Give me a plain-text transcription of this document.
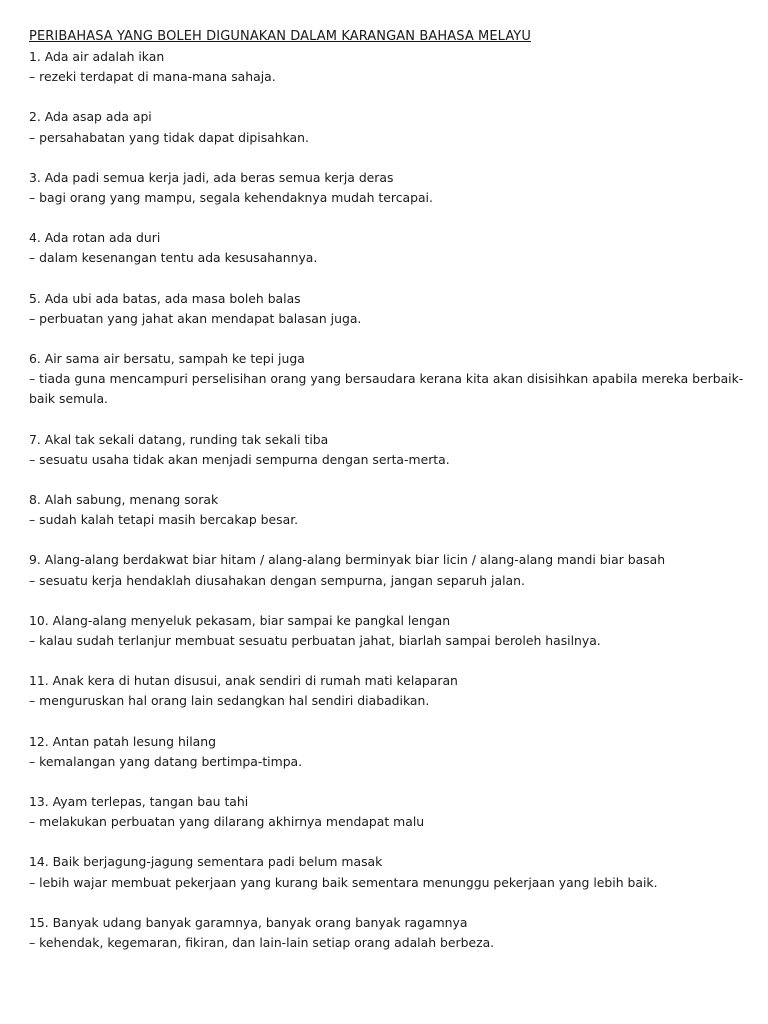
PERIBAHASA YANG BOLEH DIGUNAKAN DALAM KARANGAN BAHASA MELAYU
1. Ada air adalah ikan
– rezeki terdapat di mana-mana sahaja.
2. Ada asap ada api
– persahabatan yang tidak dapat dipisahkan.
3. Ada padi semua kerja jadi, ada beras semua kerja deras
– bagi orang yang mampu, segala kehendaknya mudah tercapai.
4. Ada rotan ada duri
– dalam kesenangan tentu ada kesusahannya.
5. Ada ubi ada batas, ada masa boleh balas
– perbuatan yang jahat akan mendapat balasan juga.
6. Air sama air bersatu, sampah ke tepi juga
– tiada guna mencampuri perselisihan orang yang bersaudara kerana kita akan disisihkan apabila mereka berbaik-baik semula.
7. Akal tak sekali datang, runding tak sekali tiba
– sesuatu usaha tidak akan menjadi sempurna dengan serta-merta.
8. Alah sabung, menang sorak
– sudah kalah tetapi masih bercakap besar.
9. Alang-alang berdakwat biar hitam / alang-alang berminyak biar licin / alang-alang mandi biar basah
– sesuatu kerja hendaklah diusahakan dengan sempurna, jangan separuh jalan.
10. Alang-alang menyeluk pekasam, biar sampai ke pangkal lengan
– kalau sudah terlanjur membuat sesuatu perbuatan jahat, biarlah sampai beroleh hasilnya.
11. Anak kera di hutan disusui, anak sendiri di rumah mati kelaparan
– menguruskan hal orang lain sedangkan hal sendiri diabadikan.
12. Antan patah lesung hilang
– kemalangan yang datang bertimpa-timpa.
13. Ayam terlepas, tangan bau tahi
– melakukan perbuatan yang dilarang akhirnya mendapat malu
14. Baik berjagung-jagung sementara padi belum masak
– lebih wajar membuat pekerjaan yang kurang baik sementara menunggu pekerjaan yang lebih baik.
15. Banyak udang banyak garamnya, banyak orang banyak ragamnya
– kehendak, kegemaran, fikiran, dan lain-lain setiap orang adalah berbeza.
